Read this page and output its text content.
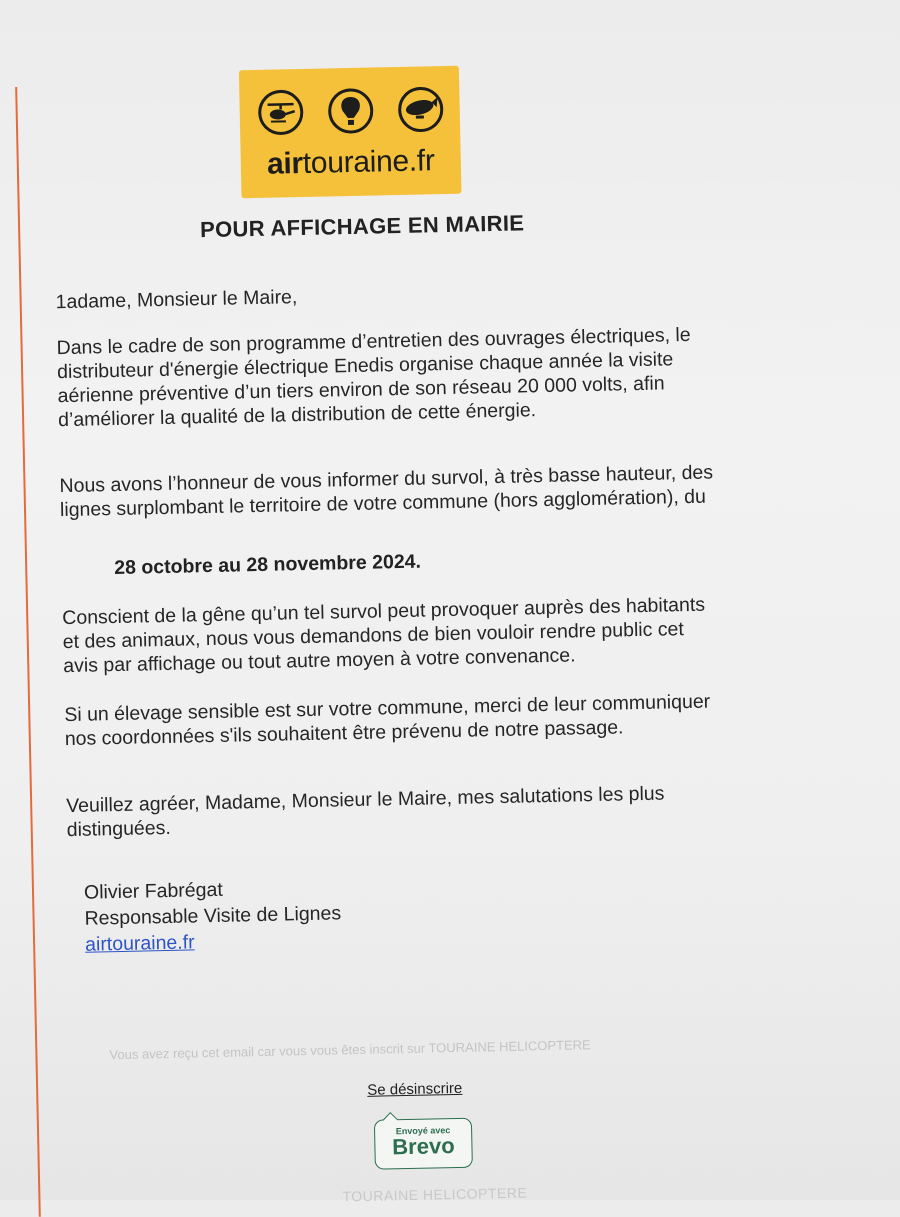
airtouraine.fr
POUR AFFICHAGE EN MAIRIE
1adame, Monsieur le Maire,
Dans le cadre de son programme d’entretien des ouvrages électriques, le distributeur d'énergie électrique Enedis organise chaque année la visite aérienne préventive d’un tiers environ de son réseau 20 000 volts, afin d’améliorer la qualité de la distribution de cette énergie.
Nous avons l’honneur de vous informer du survol, à très basse hauteur, des lignes surplombant le territoire de votre commune (hors agglomération), du
28 octobre au 28 novembre 2024.
Conscient de la gêne qu’un tel survol peut provoquer auprès des habitants et des animaux, nous vous demandons de bien vouloir rendre public cet avis par affichage ou tout autre moyen à votre convenance.
Si un élevage sensible est sur votre commune, merci de leur communiquer nos coordonnées s'ils souhaitent être prévenu de notre passage.
Veuillez agréer, Madame, Monsieur le Maire, mes salutations les plus distinguées.
Olivier Fabrégat
Responsable Visite de Lignes
airtouraine.fr
Vous avez reçu cet email car vous vous êtes inscrit sur TOURAINE HELICOPTERE
Se désinscrire
Envoyé avec
Brevo
TOURAINE HELICOPTERE
